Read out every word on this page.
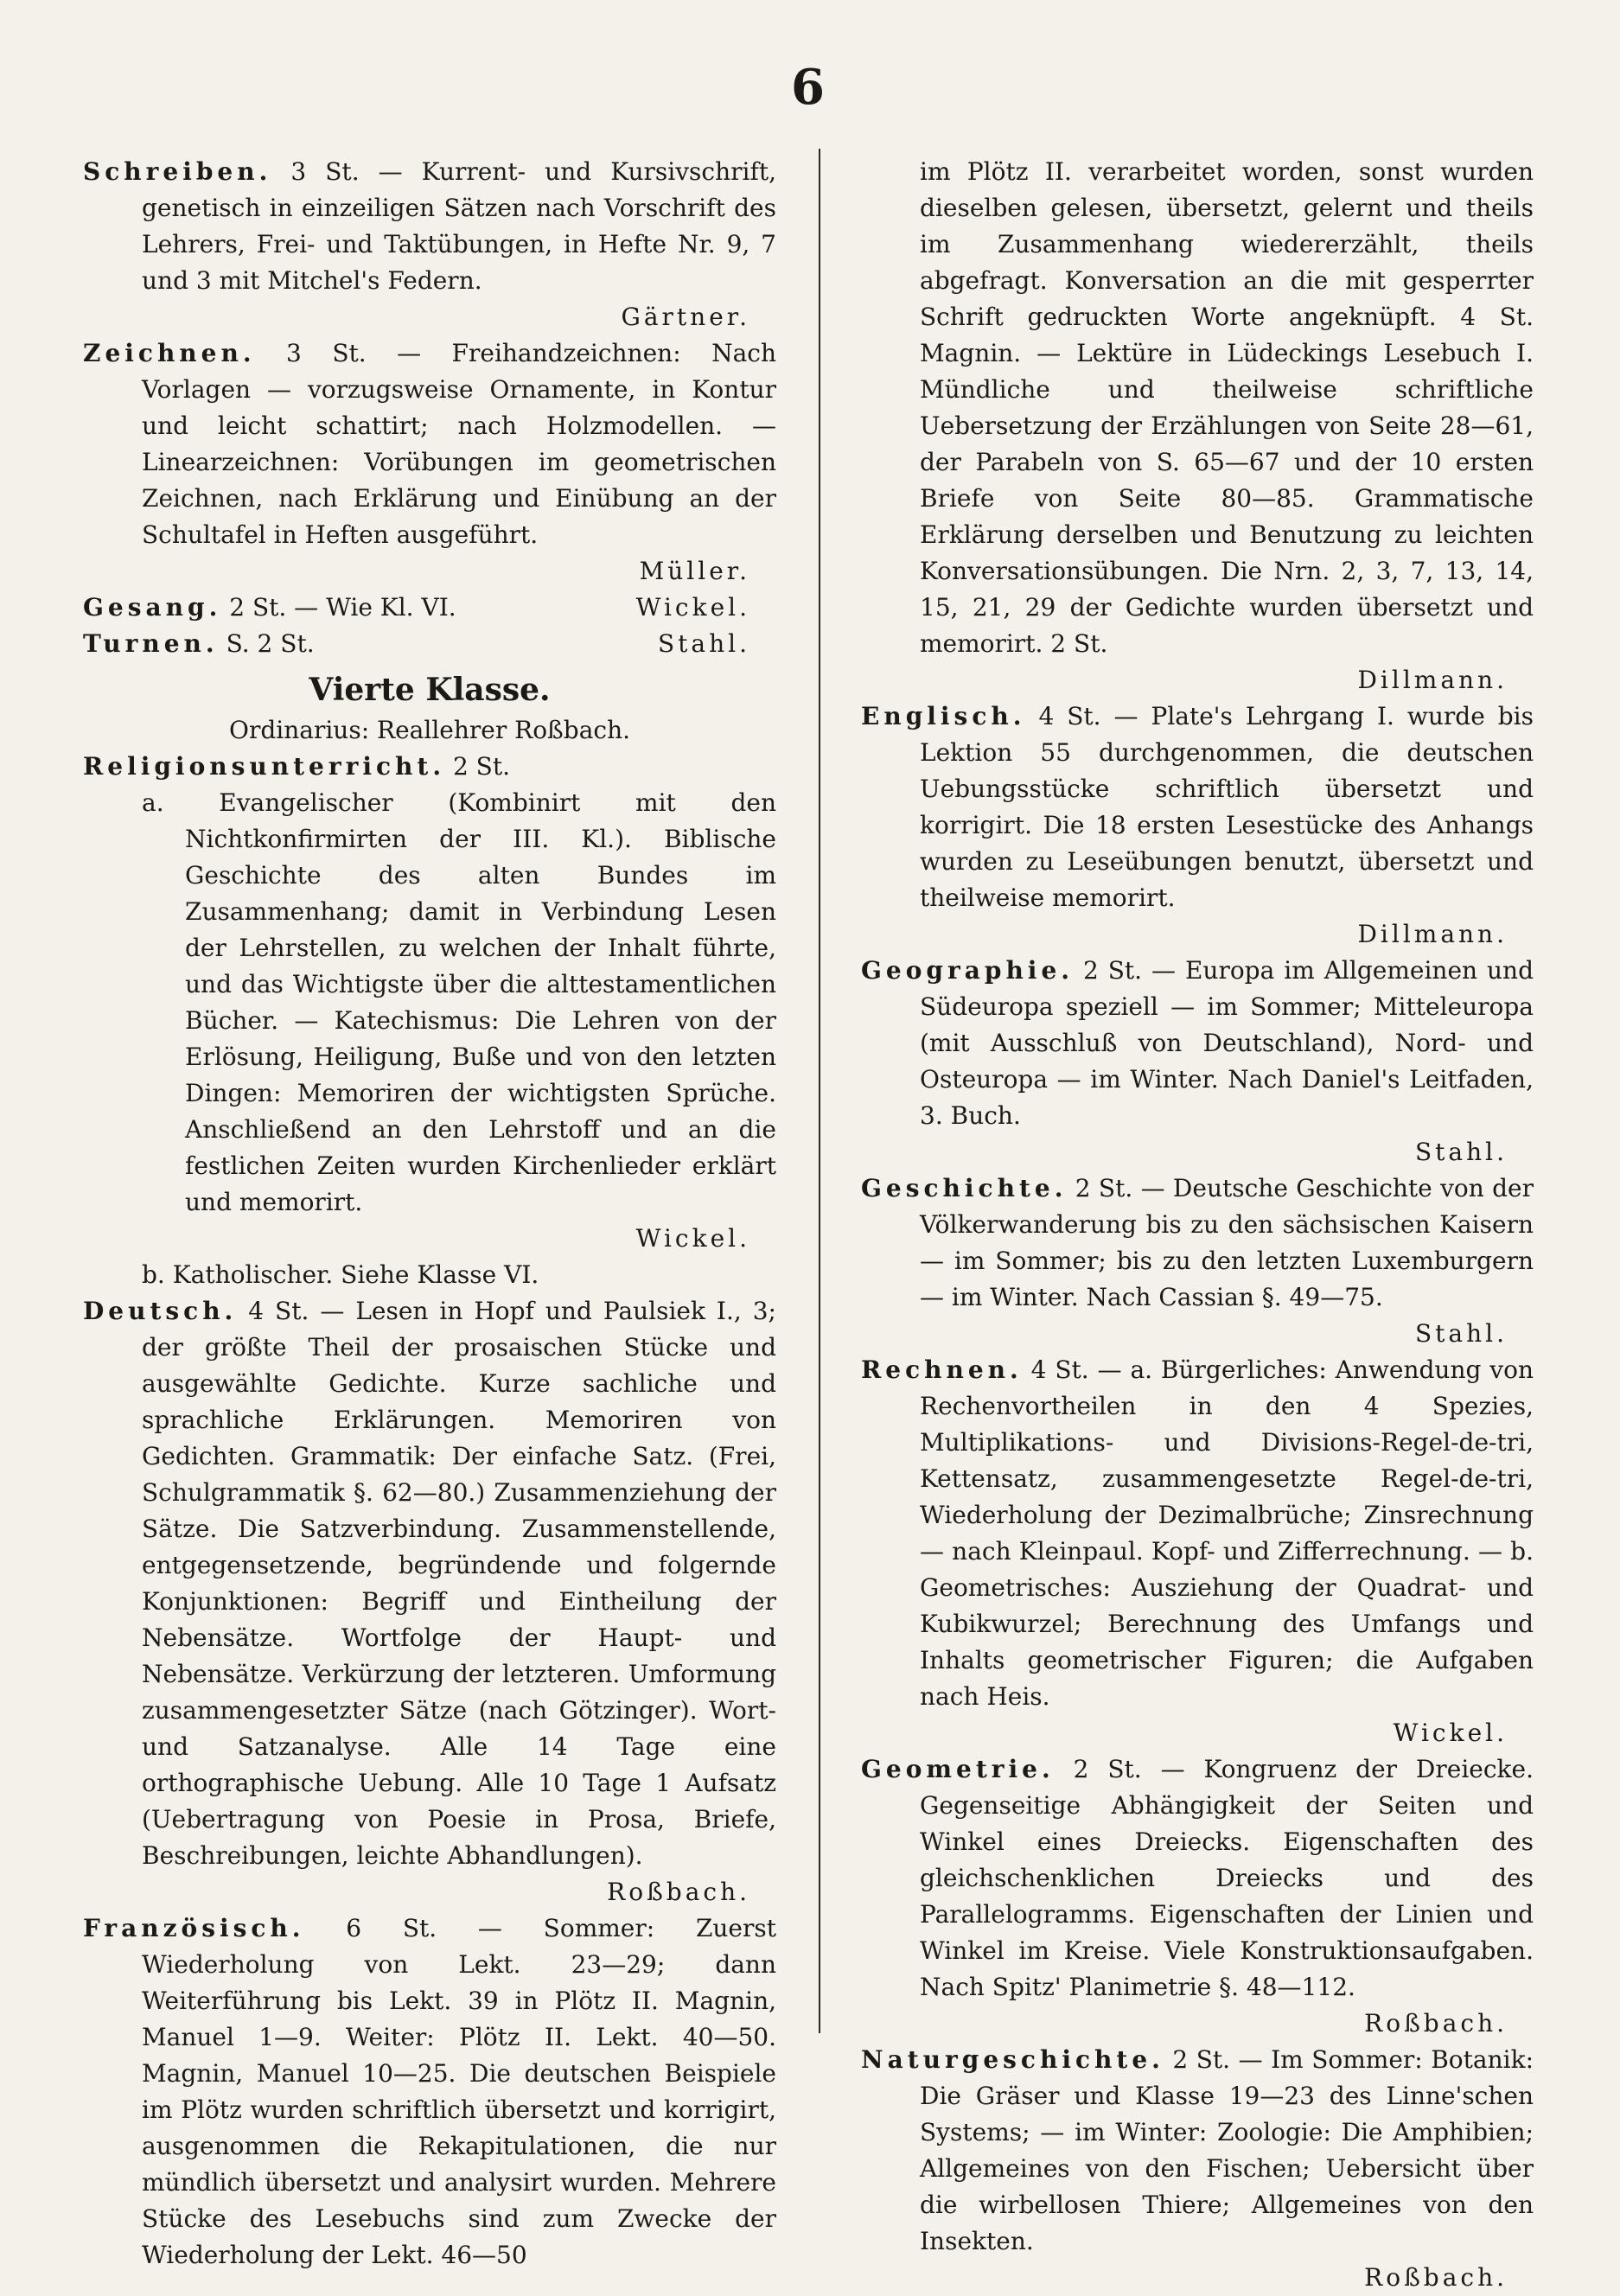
6

Schreiben. 3 St. — Kurrent- und Kursivschrift, genetisch in einzeiligen Sätzen nach Vorschrift des Lehrers, Frei- und Taktübungen, in Hefte Nr. 9, 7 und 3 mit Mitchel's Federn.

Gärtner.

Zeichnen. 3 St. — Freihandzeichnen: Nach Vorlagen — vorzugsweise Ornamente, in Kontur und leicht schattirt; nach Holzmodellen. — Linearzeichnen: Vorübungen im geometrischen Zeichnen, nach Erklärung und Einübung an der Schultafel in Heften ausgeführt.

Müller.

Gesang. 2 St. — Wie Kl. VI.	Wickel.

Turnen. S. 2 St.	Stahl.

Vierte Klasse.

Ordinarius: Reallehrer Roßbach.

Religionsunterricht. 2 St.

a. Evangelischer (Kombinirt mit den Nichtkonfirmirten der III. Kl.). Biblische Geschichte des alten Bundes im Zusammenhang; damit in Verbindung Lesen der Lehrstellen, zu welchen der Inhalt führte, und das Wichtigste über die alttestamentlichen Bücher. — Katechismus: Die Lehren von der Erlösung, Heiligung, Buße und von den letzten Dingen: Memoriren der wichtigsten Sprüche. Anschließend an den Lehrstoff und an die festlichen Zeiten wurden Kirchenlieder erklärt und memorirt.

Wickel.

b. Katholischer. Siehe Klasse VI.

Deutsch. 4 St. — Lesen in Hopf und Paulsiek I., 3; der größte Theil der prosaischen Stücke und ausgewählte Gedichte. Kurze sachliche und sprachliche Erklärungen. Memoriren von Gedichten. Grammatik: Der einfache Satz. (Frei, Schulgrammatik §. 62—80.) Zusammenziehung der Sätze. Die Satzverbindung. Zusammenstellende, entgegensetzende, begründende und folgernde Konjunktionen: Begriff und Eintheilung der Nebensätze. Wortfolge der Haupt- und Nebensätze. Verkürzung der letzteren. Umformung zusammengesetzter Sätze (nach Götzinger). Wort- und Satzanalyse. Alle 14 Tage eine orthographische Uebung. Alle 10 Tage 1 Aufsatz (Uebertragung von Poesie in Prosa, Briefe, Beschreibungen, leichte Abhandlungen).

Roßbach.

Französisch. 6 St. — Sommer: Zuerst Wiederholung von Lekt. 23—29; dann Weiterführung bis Lekt. 39 in Plötz II. Magnin, Manuel 1—9. Weiter: Plötz II. Lekt. 40—50. Magnin, Manuel 10—25. Die deutschen Beispiele im Plötz wurden schriftlich übersetzt und korrigirt, ausgenommen die Rekapitulationen, die nur mündlich übersetzt und analysirt wurden. Mehrere Stücke des Lesebuchs sind zum Zwecke der Wiederholung der Lekt. 46—50

im Plötz II. verarbeitet worden, sonst wurden dieselben gelesen, übersetzt, gelernt und theils im Zusammenhang wiedererzählt, theils abgefragt. Konversation an die mit gesperrter Schrift gedruckten Worte angeknüpft. 4 St. Magnin. — Lektüre in Lüdeckings Lesebuch I. Mündliche und theilweise schriftliche Uebersetzung der Erzählungen von Seite 28—61, der Parabeln von S. 65—67 und der 10 ersten Briefe von Seite 80—85. Grammatische Erklärung derselben und Benutzung zu leichten Konversationsübungen. Die Nrn. 2, 3, 7, 13, 14, 15, 21, 29 der Gedichte wurden übersetzt und memorirt. 2 St.

Dillmann.

Englisch. 4 St. — Plate's Lehrgang I. wurde bis Lektion 55 durchgenommen, die deutschen Uebungsstücke schriftlich übersetzt und korrigirt. Die 18 ersten Lesestücke des Anhangs wurden zu Leseübungen benutzt, übersetzt und theilweise memorirt.

Dillmann.

Geographie. 2 St. — Europa im Allgemeinen und Südeuropa speziell — im Sommer; Mitteleuropa (mit Ausschluß von Deutschland), Nord- und Osteuropa — im Winter. Nach Daniel's Leitfaden, 3. Buch.

Stahl.

Geschichte. 2 St. — Deutsche Geschichte von der Völkerwanderung bis zu den sächsischen Kaisern — im Sommer; bis zu den letzten Luxemburgern — im Winter. Nach Cassian §. 49—75.

Stahl.

Rechnen. 4 St. — a. Bürgerliches: Anwendung von Rechenvortheilen in den 4 Spezies, Multiplikations- und Divisions-Regel-de-tri, Kettensatz, zusammengesetzte Regel-de-tri, Wiederholung der Dezimalbrüche; Zinsrechnung — nach Kleinpaul. Kopf- und Zifferrechnung. — b. Geometrisches: Ausziehung der Quadrat- und Kubikwurzel; Berechnung des Umfangs und Inhalts geometrischer Figuren; die Aufgaben nach Heis.

Wickel.

Geometrie. 2 St. — Kongruenz der Dreiecke. Gegenseitige Abhängigkeit der Seiten und Winkel eines Dreiecks. Eigenschaften des gleichschenklichen Dreiecks und des Parallelogramms. Eigenschaften der Linien und Winkel im Kreise. Viele Konstruktionsaufgaben. Nach Spitz' Planimetrie §. 48—112.

Roßbach.

Naturgeschichte. 2 St. — Im Sommer: Botanik: Die Gräser und Klasse 19—23 des Linne'schen Systems; — im Winter: Zoologie: Die Amphibien; Allgemeines von den Fischen; Uebersicht über die wirbellosen Thiere; Allgemeines von den Insekten.

Roßbach.
